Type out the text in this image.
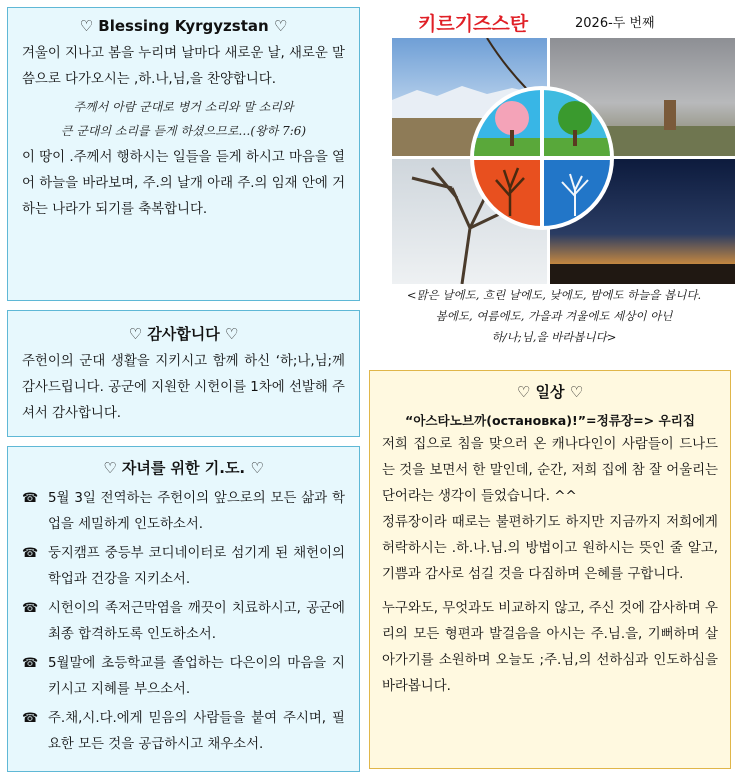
♡ Blessing Kyrgyzstan ♡
겨울이 지나고 봄을 누리며 날마다 새로운 날, 새로운 말씀으로 다가오시는 ,하.나,님,을 찬양합니다.
주께서 아람 군대로 병거 소리와 말 소리와
큰 군대의 소리를 듣게 하셨으므로…(왕하 7:6)
이 땅이 .주께서 행하시는 일들을 듣게 하시고 마음을 열어 하늘을 바라보며, 주.의 날개 아래 주.의 임재 안에 거하는 나라가 되기를 축복합니다.
♡ 감사합니다 ♡
주헌이의 군대 생활을 지키시고 함께 하신 ‘하;나,님;께 감사드립니다. 공군에 지원한 시헌이를 1차에 선발해 주셔서 감사합니다.
♡ 자녀를 위한 기.도. ♡
☎ 5월 3일 전역하는 주헌이의 앞으로의 모든 삶과 학업을 세밀하게 인도하소서.
☎ 둥지캠프 중등부 코디네이터로 섬기게 된 채헌이의 학업과 건강을 지키소서.
☎ 시헌이의 족저근막염을 깨끗이 치료하시고, 공군에 최종 합격하도록 인도하소서.
☎ 5월말에 초등학교를 졸업하는 다은이의 마음을 지키시고 지혜를 부으소서.
☎ 주.채,시.다.에게 믿음의 사람들을 붙여 주시며, 필요한 모든 것을 공급하시고 채우소서.
키르기즈스탄	2026-두 번째
<맑은 날에도, 흐린 날에도, 낮에도, 밤에도 하늘을 봅니다.
봄에도, 여름에도, 가을과 겨울에도 세상이 아닌
하/나;님,을 바라봅니다>
♡ 일상 ♡
“아스타노브까(остановка)!”=정류장=> 우리집
저희 집으로 침을 맞으러 온 캐나다인이 사람들이 드나드는 것을 보면서 한 말인데, 순간, 저희 집에 참 잘 어울리는 단어라는 생각이 들었습니다. ^^
정류장이라 때로는 불편하기도 하지만 지금까지 저희에게 허락하시는 .하.나.님.의 방법이고 원하시는 뜻인 줄 알고, 기쁨과 감사로 섬길 것을 다짐하며 은혜를 구합니다.
누구와도, 무엇과도 비교하지 않고, 주신 것에 감사하며 우리의 모든 형편과 발걸음을 아시는 주.님.을, 기뻐하며 살아가기를 소원하며 오늘도 ;주.님,의 선하심과 인도하심을 바라봅니다.
